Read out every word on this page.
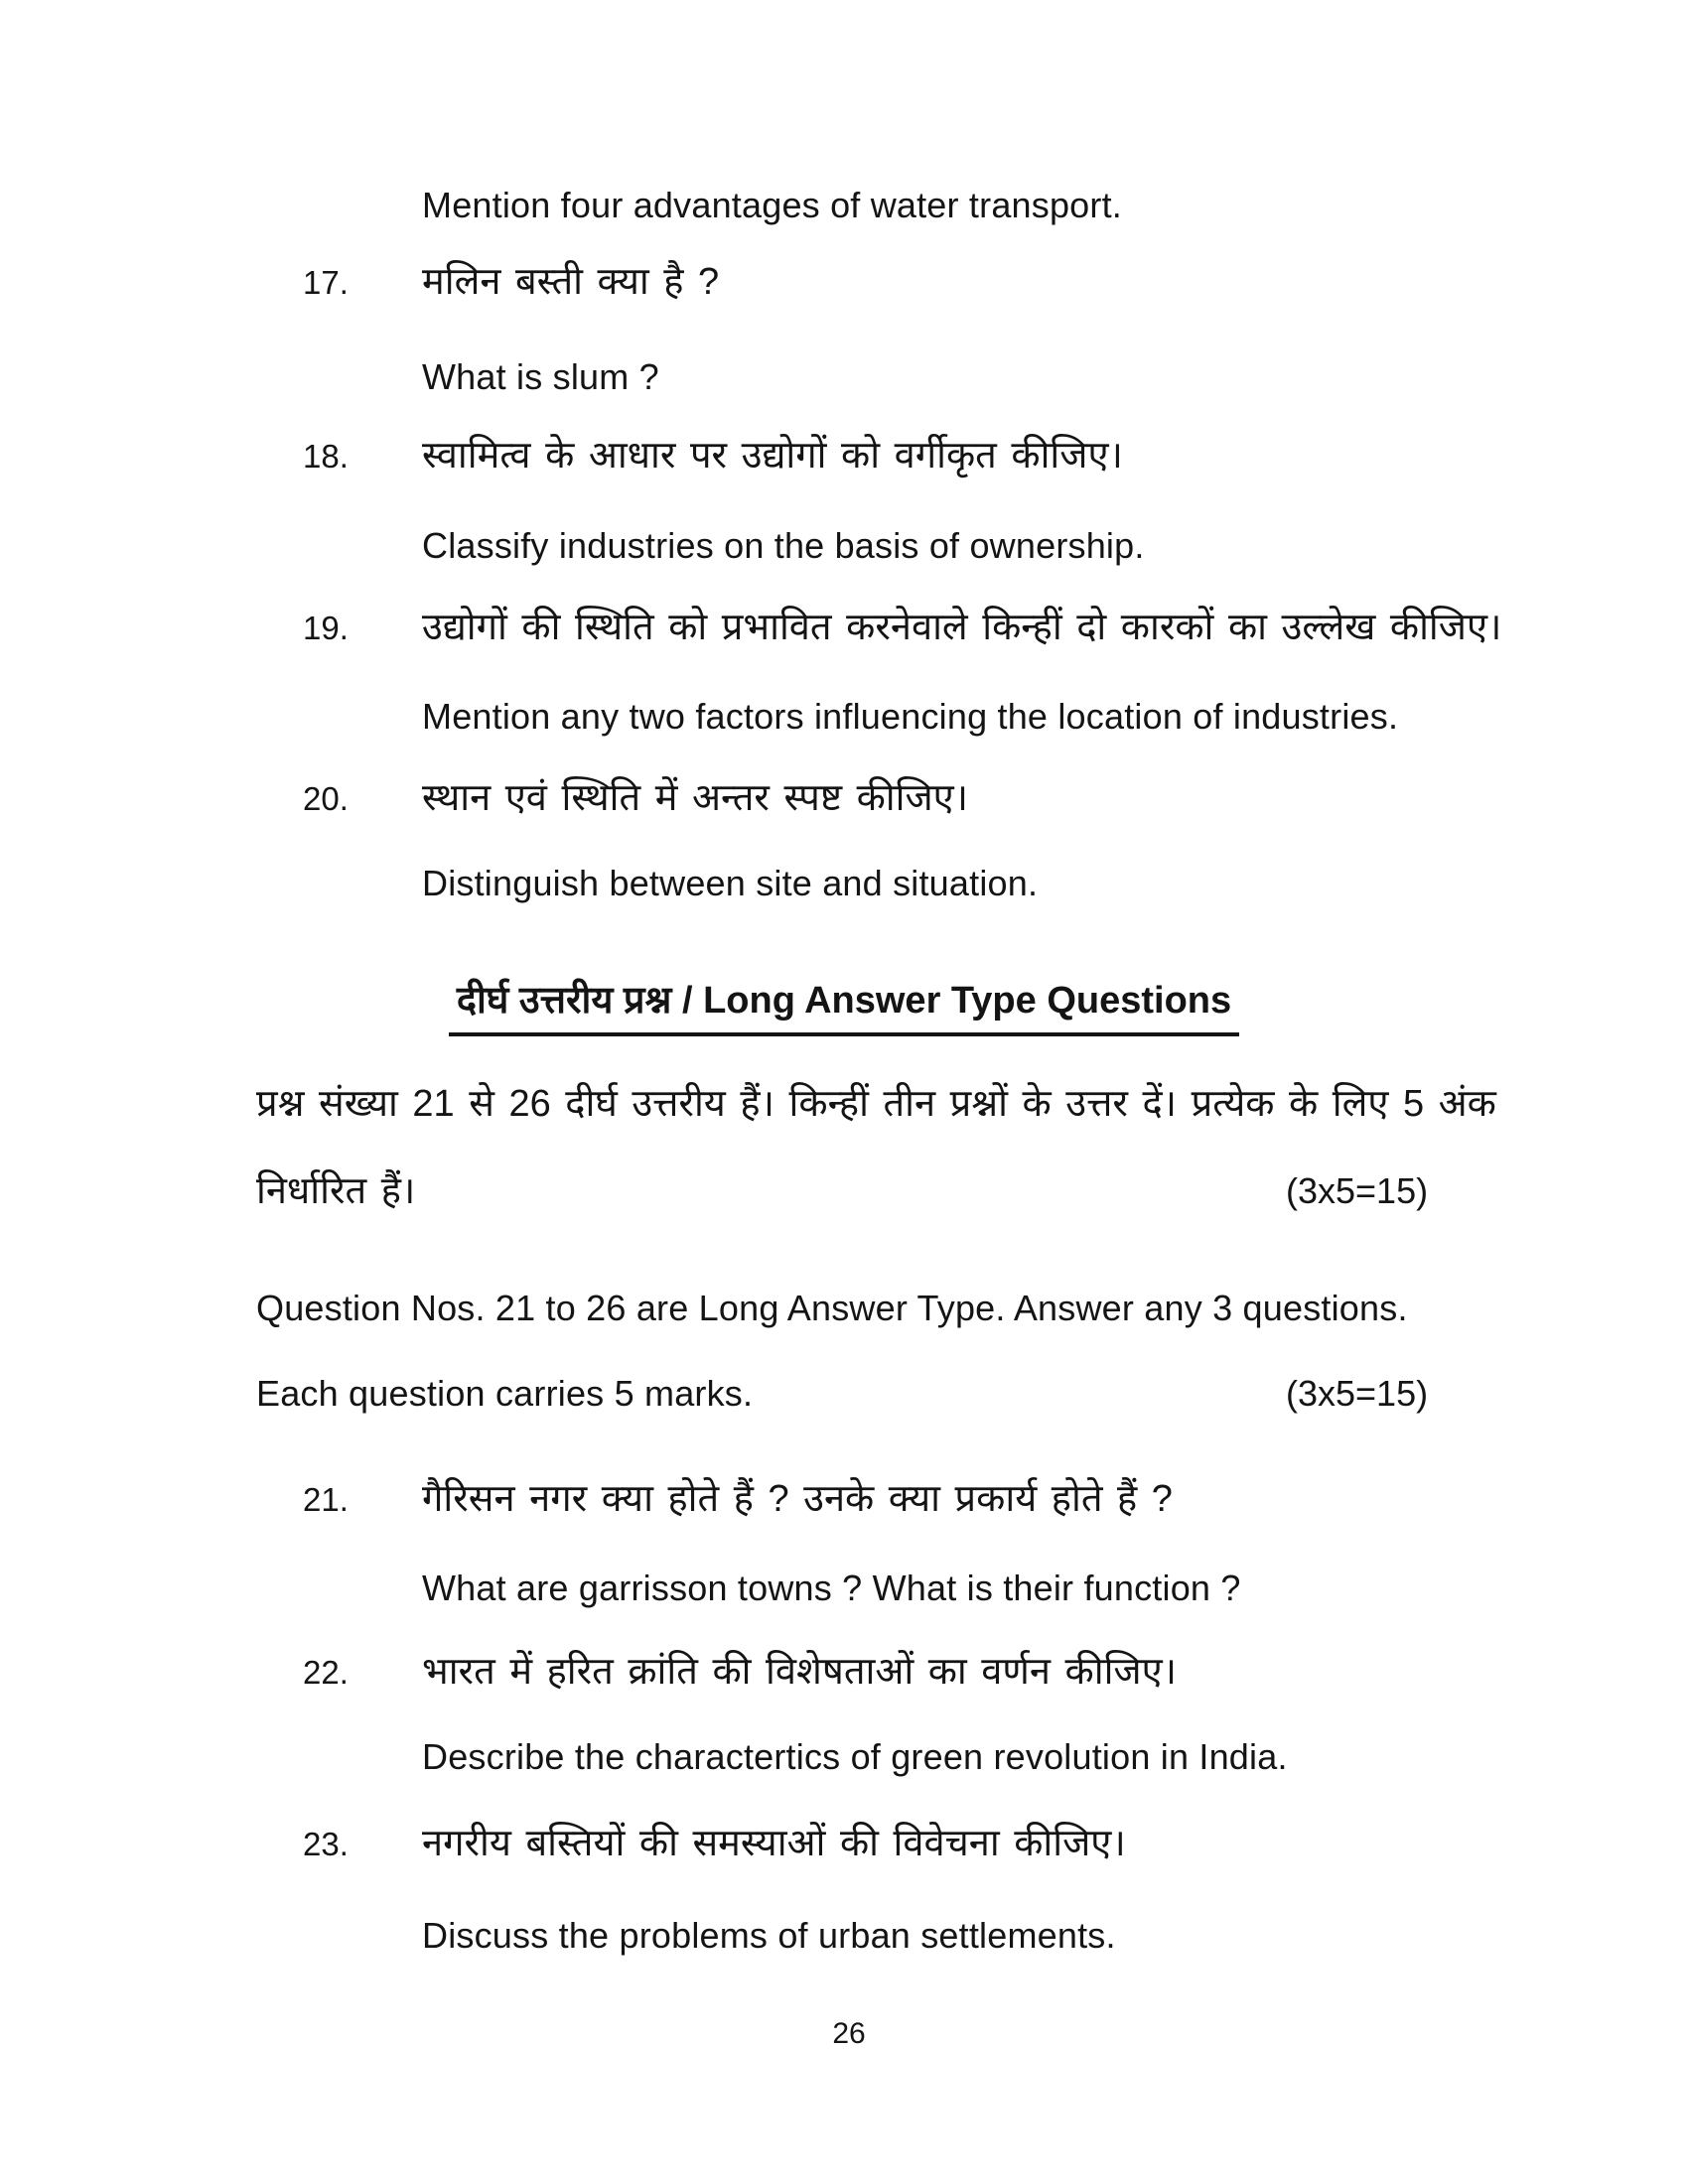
Mention four advantages of water transport.
17. मलिन बस्ती क्या है ?
What is slum ?
18. स्वामित्व के आधार पर उद्योगों को वर्गीकृत कीजिए।
Classify industries on the basis of ownership.
19. उद्योगों की स्थिति को प्रभावित करनेवाले किन्हीं दो कारकों का उल्लेख कीजिए।
Mention any two factors influencing the location of industries.
20. स्थान एवं स्थिति में अन्तर स्पष्ट कीजिए।
Distinguish between site and situation.
दीर्घ उत्तरीय प्रश्न / Long Answer Type Questions
प्रश्न संख्या 21 से 26 दीर्घ उत्तरीय हैं। किन्हीं तीन प्रश्नों के उत्तर दें। प्रत्येक के लिए 5 अंक
निर्धारित हैं।	(3x5=15)
Question Nos. 21 to 26 are Long Answer Type. Answer any 3 questions.
Each question carries 5 marks.	(3x5=15)
21. गैरिसन नगर क्या होते हैं ? उनके क्या प्रकार्य होते हैं ?
What are garrisson towns ? What is their function ?
22. भारत में हरित क्रांति की विशेषताओं का वर्णन कीजिए।
Describe the charactertics of green revolution in India.
23. नगरीय बस्तियों की समस्याओं की विवेचना कीजिए।
Discuss the problems of urban settlements.
26
